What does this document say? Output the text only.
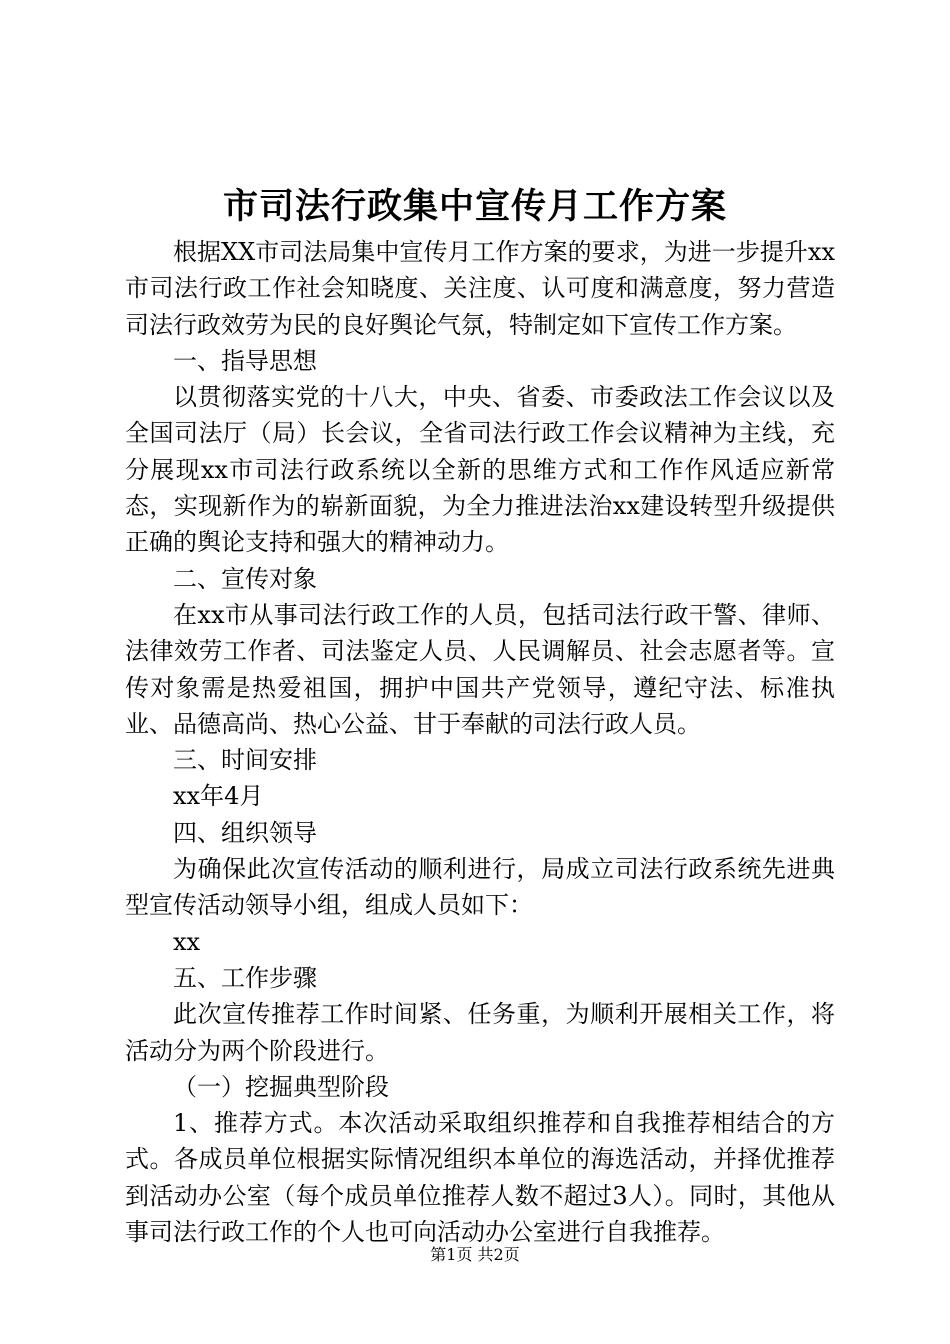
市司法行政集中宣传月工作方案

根据XX市司法局集中宣传月工作方案的要求，为进一步提升xx市司法行政工作社会知晓度、关注度、认可度和满意度，努力营造司法行政效劳为民的良好舆论气氛，特制定如下宣传工作方案。

一、指导思想

以贯彻落实党的十八大，中央、省委、市委政法工作会议以及全国司法厅（局）长会议，全省司法行政工作会议精神为主线，充分展现xx市司法行政系统以全新的思维方式和工作作风适应新常态，实现新作为的崭新面貌，为全力推进法治xx建设转型升级提供正确的舆论支持和强大的精神动力。

二、宣传对象

在xx市从事司法行政工作的人员，包括司法行政干警、律师、法律效劳工作者、司法鉴定人员、人民调解员、社会志愿者等。宣传对象需是热爱祖国，拥护中国共产党领导，遵纪守法、标准执业、品德高尚、热心公益、甘于奉献的司法行政人员。

三、时间安排

xx年4月

四、组织领导

为确保此次宣传活动的顺利进行，局成立司法行政系统先进典型宣传活动领导小组，组成人员如下：

xx

五、工作步骤

此次宣传推荐工作时间紧、任务重，为顺利开展相关工作，将活动分为两个阶段进行。

（一）挖掘典型阶段

1、推荐方式。本次活动采取组织推荐和自我推荐相结合的方式。各成员单位根据实际情况组织本单位的海选活动，并择优推荐到活动办公室（每个成员单位推荐人数不超过3人）。同时，其他从事司法行政工作的个人也可向活动办公室进行自我推荐。

第1页 共2页
